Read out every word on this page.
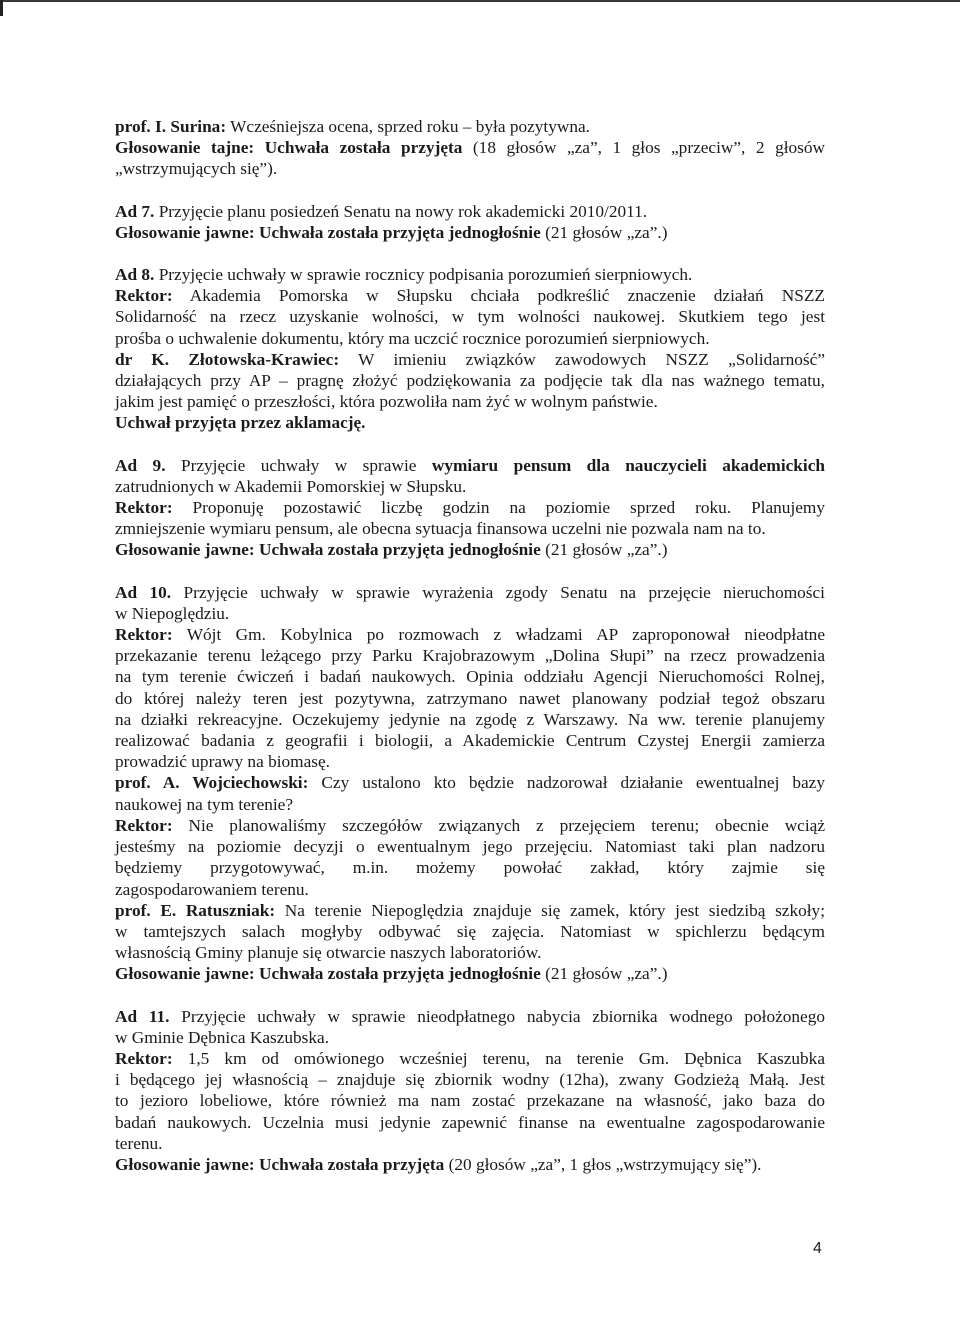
prof. I. Surina: Wcześniejsza ocena, sprzed roku – była pozytywna.
Głosowanie tajne: Uchwała została przyjęta (18 głosów „za”, 1 głos „przeciw”, 2 głosów
„wstrzymujących się”).
Ad 7. Przyjęcie planu posiedzeń Senatu na nowy rok akademicki 2010/2011.
Głosowanie jawne: Uchwała została przyjęta jednogłośnie (21 głosów „za”.)
Ad 8. Przyjęcie uchwały w sprawie rocznicy podpisania porozumień sierpniowych.
Rektor: Akademia Pomorska w Słupsku chciała podkreślić znaczenie działań NSZZ
Solidarność na rzecz uzyskanie wolności, w tym wolności naukowej. Skutkiem tego jest
prośba o uchwalenie dokumentu, który ma uczcić rocznice porozumień sierpniowych.
dr K. Złotowska-Krawiec: W imieniu związków zawodowych NSZZ „Solidarność”
działających przy AP – pragnę złożyć podziękowania za podjęcie tak dla nas ważnego tematu,
jakim jest pamięć o przeszłości, która pozwoliła nam żyć w wolnym państwie.
Uchwał przyjęta przez aklamację.
Ad 9. Przyjęcie uchwały w sprawie wymiaru pensum dla nauczycieli akademickich
zatrudnionych w Akademii Pomorskiej w Słupsku.
Rektor: Proponuję pozostawić liczbę godzin na poziomie sprzed roku. Planujemy
zmniejszenie wymiaru pensum, ale obecna sytuacja finansowa uczelni nie pozwala nam na to.
Głosowanie jawne: Uchwała została przyjęta jednogłośnie (21 głosów „za”.)
Ad 10. Przyjęcie uchwały w sprawie wyrażenia zgody Senatu na przejęcie nieruchomości
w Niepoględziu.
Rektor: Wójt Gm. Kobylnica po rozmowach z władzami AP zaproponował nieodpłatne
przekazanie terenu leżącego przy Parku Krajobrazowym „Dolina Słupi” na rzecz prowadzenia
na tym terenie ćwiczeń i badań naukowych. Opinia oddziału Agencji Nieruchomości Rolnej,
do której należy teren jest pozytywna, zatrzymano nawet planowany podział tegoż obszaru
na działki rekreacyjne. Oczekujemy jedynie na zgodę z Warszawy. Na ww. terenie planujemy
realizować badania z geografii i biologii, a Akademickie Centrum Czystej Energii zamierza
prowadzić uprawy na biomasę.
prof. A. Wojciechowski: Czy ustalono kto będzie nadzorował działanie ewentualnej bazy
naukowej na tym terenie?
Rektor: Nie planowaliśmy szczegółów związanych z przejęciem terenu; obecnie wciąż
jesteśmy na poziomie decyzji o ewentualnym jego przejęciu. Natomiast taki plan nadzoru
będziemy przygotowywać, m.in. możemy powołać zakład, który zajmie się
zagospodarowaniem terenu.
prof. E. Ratuszniak: Na terenie Niepoględzia znajduje się zamek, który jest siedzibą szkoły;
w tamtejszych salach mogłyby odbywać się zajęcia. Natomiast w spichlerzu będącym
własnością Gminy planuje się otwarcie naszych laboratoriów.
Głosowanie jawne: Uchwała została przyjęta jednogłośnie (21 głosów „za”.)
Ad 11. Przyjęcie uchwały w sprawie nieodpłatnego nabycia zbiornika wodnego położonego
w Gminie Dębnica Kaszubska.
Rektor: 1,5 km od omówionego wcześniej terenu, na terenie Gm. Dębnica Kaszubka
i będącego jej własnością – znajduje się zbiornik wodny (12ha), zwany Godzieżą Małą. Jest
to jezioro lobeliowe, które również ma nam zostać przekazane na własność, jako baza do
badań naukowych. Uczelnia musi jedynie zapewnić finanse na ewentualne zagospodarowanie
terenu.
Głosowanie jawne: Uchwała została przyjęta (20 głosów „za”, 1 głos „wstrzymujący się”).
4
